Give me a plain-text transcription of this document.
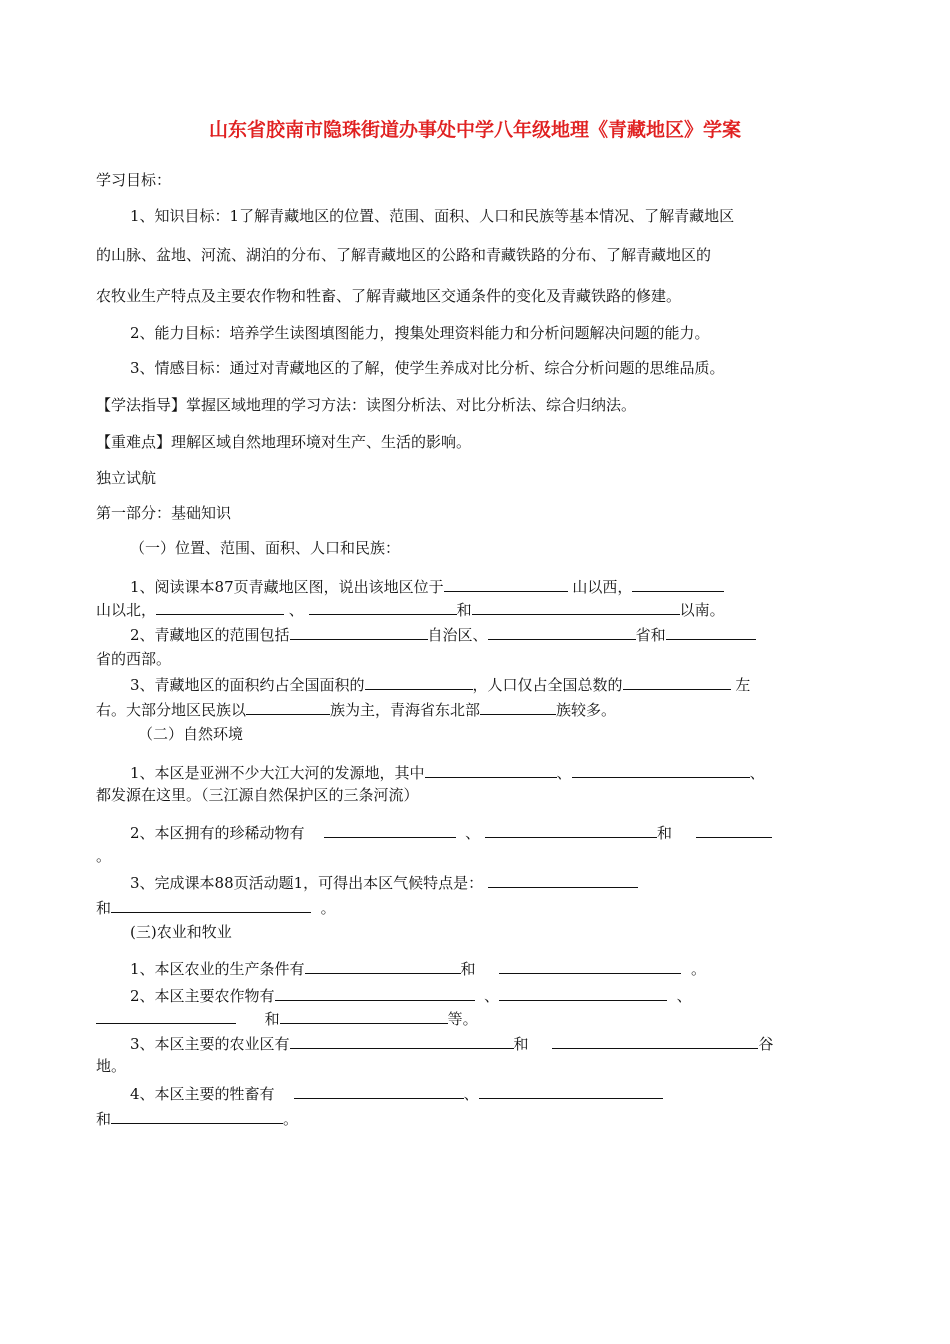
山东省胶南市隐珠街道办事处中学八年级地理《青藏地区》学案
学习目标：
1、知识目标：1了解青藏地区的位置、范围、面积、人口和民族等基本情况、了解青藏地区
的山脉、盆地、河流、湖泊的分布、了解青藏地区的公路和青藏铁路的分布、了解青藏地区的
农牧业生产特点及主要农作物和牲畜、了解青藏地区交通条件的变化及青藏铁路的修建。
2、能力目标：培养学生读图填图能力，搜集处理资料能力和分析问题解决问题的能力。
3、情感目标：通过对青藏地区的了解，使学生养成对比分析、综合分析问题的思维品质。
【学法指导】掌握区域地理的学习方法：读图分析法、对比分析法、综合归纳法。
【重难点】理解区域自然地理环境对生产、生活的影响。
独立试航
第一部分：基础知识
（一）位置、范围、面积、人口和民族：
1、阅读课本87页青藏地区图，说出该地区位于	山以西，
山以北，	、	和	以南。
2、青藏地区的范围包括	自治区、	省和
省的西部。
3、青藏地区的面积约占全国面积的	，人口仅占全国总数的	左
右。大部分地区民族以	族为主，青海省东北部	族较多。
（二）自然环境
1、本区是亚洲不少大江大河的发源地，其中	、	、
都发源在这里。（三江源自然保护区的三条河流）
2、本区拥有的珍稀动物有	、	和
。
3、完成课本88页活动题1，可得出本区气候特点是：
和	。
(三)农业和牧业
1、本区农业的生产条件有	和	。
2、本区主要农作物有	、	、
和	等。
3、本区主要的农业区有	和	谷
地。
4、本区主要的牲畜有	、
和	。
